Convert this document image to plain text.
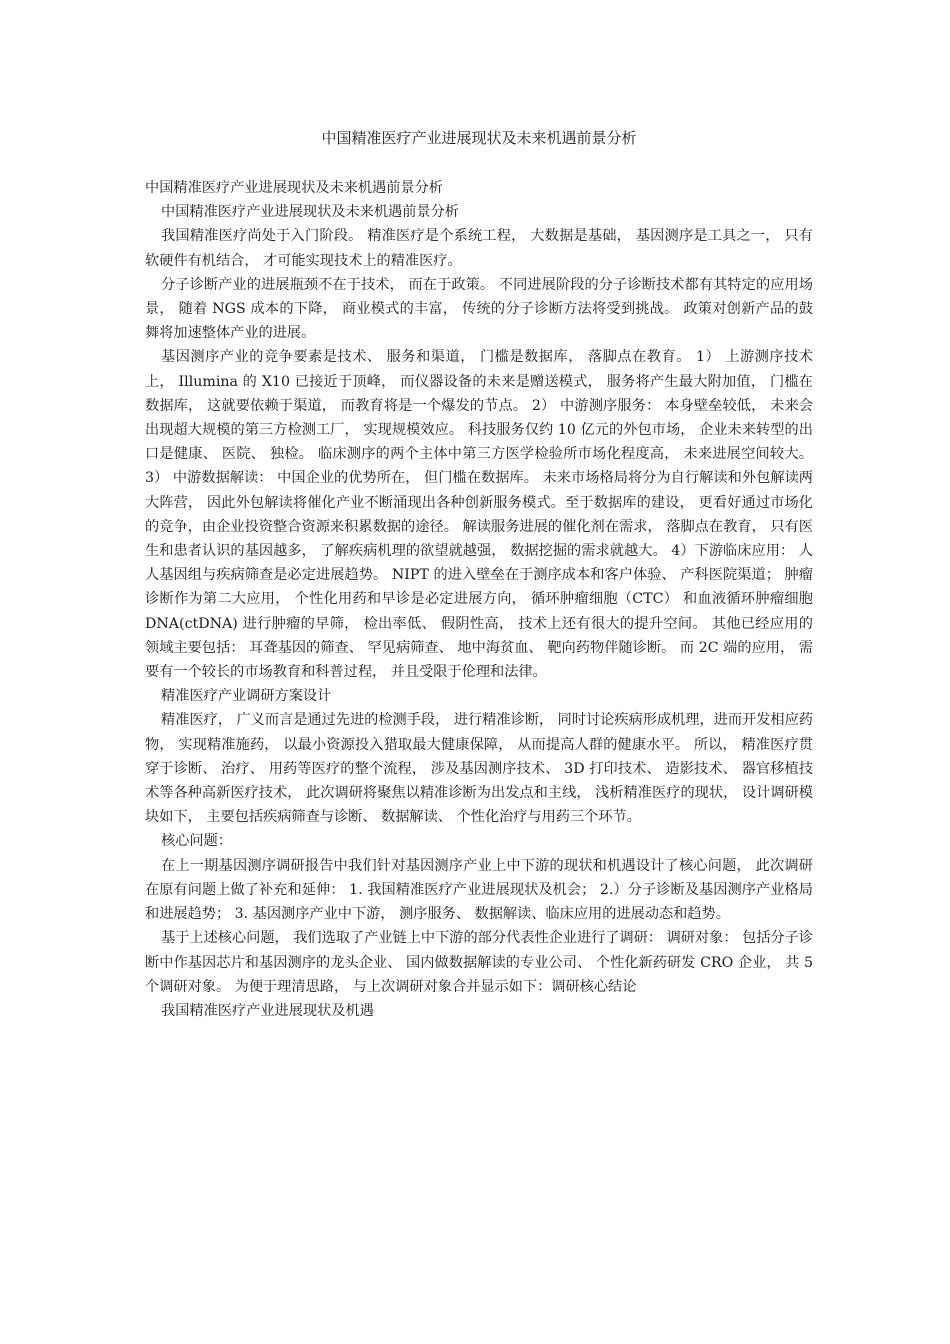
中国精准医疗产业进展现状及未来机遇前景分析

中国精准医疗产业进展现状及未来机遇前景分析

中国精准医疗产业进展现状及未来机遇前景分析

我国精准医疗尚处于入门阶段。 精准医疗是个系统工程， 大数据是基础， 基因测序是工具之一， 只有软硬件有机结合， 才可能实现技术上的精准医疗。

分子诊断产业的进展瓶颈不在于技术， 而在于政策。 不同进展阶段的分子诊断技术都有其特定的应用场景， 随着 NGS 成本的下降， 商业模式的丰富， 传统的分子诊断方法将受到挑战。 政策对创新产品的鼓舞将加速整体产业的进展。

基因测序产业的竞争要素是技术、 服务和渠道， 门槛是数据库， 落脚点在教育。 1） 上游测序技术上， Illumina 的 X10 已接近于顶峰， 而仪器设备的未来是赠送模式， 服务将产生最大附加值， 门槛在数据库， 这就要依赖于渠道， 而教育将是一个爆发的节点。 2） 中游测序服务： 本身壁垒较低， 未来会出现超大规模的第三方检测工厂， 实现规模效应。 科技服务仅约 10 亿元的外包市场， 企业未来转型的出口是健康、 医院、 独检。 临床测序的两个主体中第三方医学检验所市场化程度高， 未来进展空间较大。 3） 中游数据解读： 中国企业的优势所在， 但门槛在数据库。 未来市场格局将分为自行解读和外包解读两大阵营， 因此外包解读将催化产业不断涌现出各种创新服务模式。至于数据库的建设， 更看好通过市场化的竞争，由企业投资整合资源来积累数据的途径。 解读服务进展的催化剂在需求， 落脚点在教育， 只有医生和患者认识的基因越多， 了解疾病机理的欲望就越强， 数据挖掘的需求就越大。 4）下游临床应用： 人人基因组与疾病筛查是必定进展趋势。 NIPT 的进入壁垒在于测序成本和客户体验、 产科医院渠道； 肿瘤诊断作为第二大应用， 个性化用药和早诊是必定进展方向， 循环肿瘤细胞（CTC） 和血液循环肿瘤细胞 DNA(ctDNA) 进行肿瘤的早筛， 检出率低、 假阴性高， 技术上还有很大的提升空间。 其他已经应用的领域主要包括： 耳聋基因的筛查、 罕见病筛查、 地中海贫血、 靶向药物伴随诊断。 而 2C 端的应用， 需要有一个较长的市场教育和科普过程， 并且受限于伦理和法律。

精准医疗产业调研方案设计

精准医疗， 广义而言是通过先进的检测手段， 进行精准诊断， 同时讨论疾病形成机理，进而开发相应药物， 实现精准施药， 以最小资源投入猎取最大健康保障， 从而提高人群的健康水平。 所以， 精准医疗贯穿于诊断、 治疗、 用药等医疗的整个流程， 涉及基因测序技术、 3D 打印技术、 造影技术、 器官移植技术等各种高新医疗技术， 此次调研将聚焦以精准诊断为出发点和主线， 浅析精准医疗的现状， 设计调研模块如下， 主要包括疾病筛查与诊断、 数据解读、 个性化治疗与用药三个环节。

核心问题：

在上一期基因测序调研报告中我们针对基因测序产业上中下游的现状和机遇设计了核心问题， 此次调研在原有问题上做了补充和延伸： 1. 我国精准医疗产业进展现状及机会； 2.）分子诊断及基因测序产业格局和进展趋势； 3. 基因测序产业中下游， 测序服务、 数据解读、临床应用的进展动态和趋势。

基于上述核心问题， 我们选取了产业链上中下游的部分代表性企业进行了调研： 调研对象： 包括分子诊断中作基因芯片和基因测序的龙头企业、 国内做数据解读的专业公司、 个性化新药研发 CRO 企业， 共 5 个调研对象。 为便于理清思路， 与上次调研对象合并显示如下：调研核心结论

我国精准医疗产业进展现状及机遇
